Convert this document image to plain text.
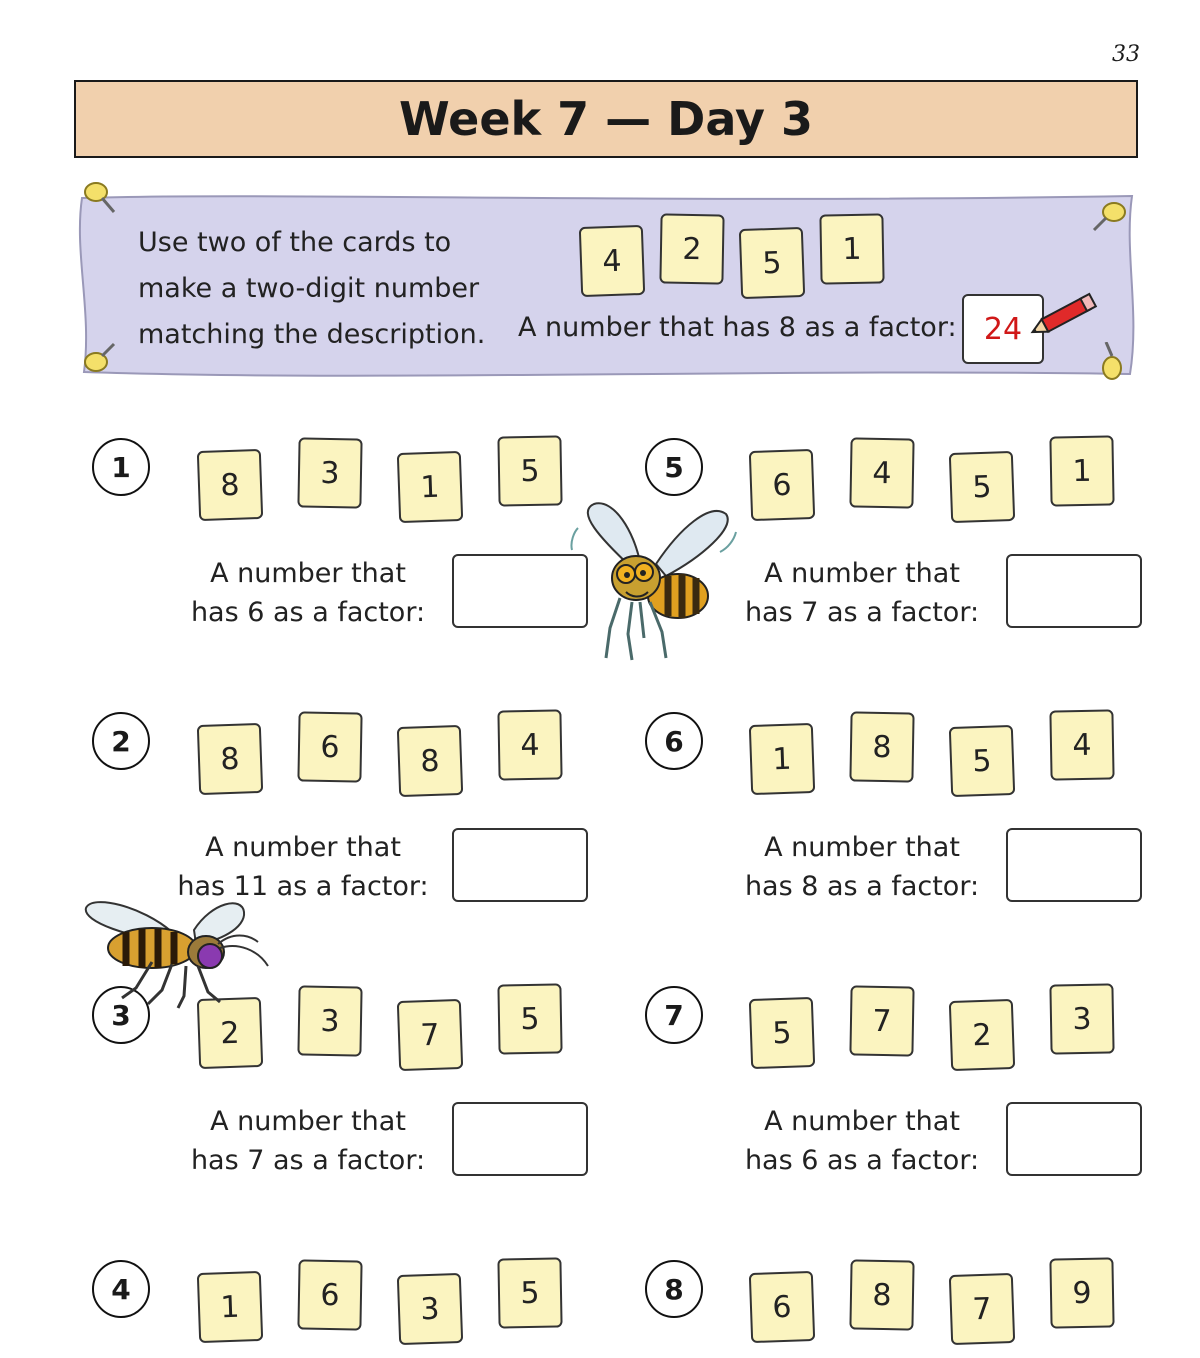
33
Week 7 — Day 3
Use two of the cards to
make a two-digit number
matching the description.
4	2	5	1
A number that has 8 as a factor: 24
1
8	3	1	5
A number that
has 6 as a factor:
2
8	6	8	4
A number that
has 11 as a factor:
3
2	3	7	5
A number that
has 7 as a factor:
4
1	6	3	5
5
6	4	5	1
A number that
has 7 as a factor:
6
1	8	5	4
A number that
has 8 as a factor:
7
5	7	2	3
A number that
has 6 as a factor:
8
6	8	7	9
